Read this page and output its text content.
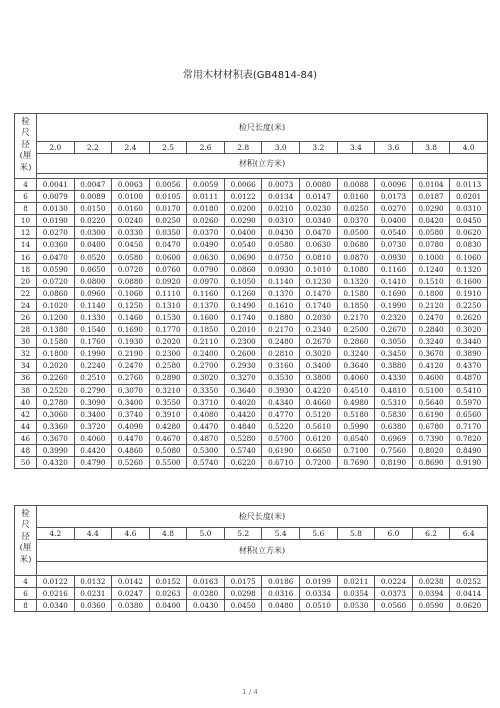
常用木材材积表(GB4814-84)
检
尺
径
(厘
米)	检尺长度(米)											
	2.0	2.2	2.4	2.5	2.6	2.8	3.0	3.2	3.4	3.6	3.8	4.0
	材积(立方米)											

4	0.0041	0.0047	0.0063	0.0056	0.0059	0.0066	0.0073	0.0080	0.0088	0.0096	0.0104	0.0113
6	0.0079	0.0089	0.0100	0.0105	0.0111	0.0122	0.0134	0.0147	0.0160	0.0173	0.0187	0.0201
8	0.0130	0.0150	0.0160	0.0170	0.0180	0.0200	0.0210	0.0230	0.0250	0.0270	0.0290	0.0310
10	0.0190	0.0220	0.0240	0.0250	0.0260	0.0290	0.0310	0.0340	0.0370	0.0400	0.0420	0.0450
12	0.0270	0.0300	0.0330	0.0350	0.0370	0.0400	0.0430	0.0470	0.0500	0.0540	0.0580	0.0620
14	0.0360	0.0400	0.0450	0.0470	0.0490	0.0540	0.0580	0.0630	0.0680	0.0730	0.0780	0.0830
16	0.0470	0.0520	0.0580	0.0600	0.0630	0.0690	0.0750	0.0810	0.0870	0.0930	0.1000	0.1060
18	0.0590	0.0650	0.0720	0.0760	0.0790	0.0860	0.0930	0.1010	0.1080	0.1160	0.1240	0.1320
20	0.0720	0.0800	0.0880	0.0920	0.0970	0.1050	0.1140	0.1230	0.1320	0.1410	0.1510	0.1600
22	0.0860	0.0960	0.1060	0.1110	0.1160	0.1260	0.1370	0.1470	0.1580	0.1690	0.1800	0.1910
24	0.1020	0.1140	0.1250	0.1310	0.1370	0.1490	0.1610	0.1740	0.1850	0.1990	0.2120	0.2250
26	0.1200	0.1330	0.1460	0.1530	0.1600	0.1740	0.1880	0.2030	0.2170	0.2320	0.2470	0.2620
28	0.1380	0.1540	0.1690	0.1770	0.1850	0.2010	0.2170	0.2340	0.2500	0.2670	0.2840	0.3020
30	0.1580	0.1760	0.1930	0.2020	0.2110	0.2300	0.2480	0.2670	0.2860	0.3050	0.3240	0.3440
32	0.1800	0.1990	0.2190	0.2300	0.2400	0.2600	0.2810	0.3020	0.3240	0.3450	0.3670	0.3890
34	0.2020	0.2240	0.2470	0.2580	0.2700	0.2930	0.3160	0.3400	0.3640	0.3880	0.4120	0.4370
36	0.2260	0.2510	0.2760	0.2890	0.3020	0.3270	0.3530	0.3800	0.4060	0.4330	0.4600	0.4870
38	0.2520	0.2790	0.3070	0.3210	0.3350	0.3640	0.3930	0.4220	0.4510	0.4810	0.5100	0.5410
40	0.2780	0.3090	0.3400	0.3550	0.3710	0.4020	0.4340	0.4660	0.4980	0.5310	0.5640	0.5970
42	0.3060	0.3400	0.3740	0.3910	0.4080	0.4420	0.4770	0.5120	0.5180	0.5830	0.6190	0.6560
44	0.3360	0.3720	0.4090	0.4280	0.4470	0.4840	0.5220	0.5610	0.5990	0.6380	0.6780	0.7170
46	0.3670	0.4060	0.4470	0.4670	0.4870	0.5280	0.5700	0.6120	0.6540	0.6969	0.7390	0.7820
48	0.3990	0.4420	0.4860	0.5080	0.5300	0.5740	0.6190	0.6650	0.7100	0.7560	0.8020	0.8490
50	0.4320	0.4790	0.5260	0.5500	0.5740	0.6220	0.6710	0.7200	0.7690	0.8190	0.8690	0.9190
检
尺
径
(厘
米)	检尺长度(米)											
	4.2	4.4	4.6	4.8	5.0	5.2	5.4	5.6	5.8	6.0	6.2	6.4
	材积(立方米)											

4	0.0122	0.0132	0.0142	0.0152	0.0163	0.0175	0.0186	0.0199	0.0211	0.0224	0.0238	0.0252
6	0.0216	0.0231	0.0247	0.0263	0.0280	0.0298	0.0316	0.0334	0.0354	0.0373	0.0394	0.0414
8	0.0340	0.0360	0.0380	0.0400	0.0430	0.0450	0.0480	0.0510	0.0530	0.0560	0.0590	0.0620
1 / 4
